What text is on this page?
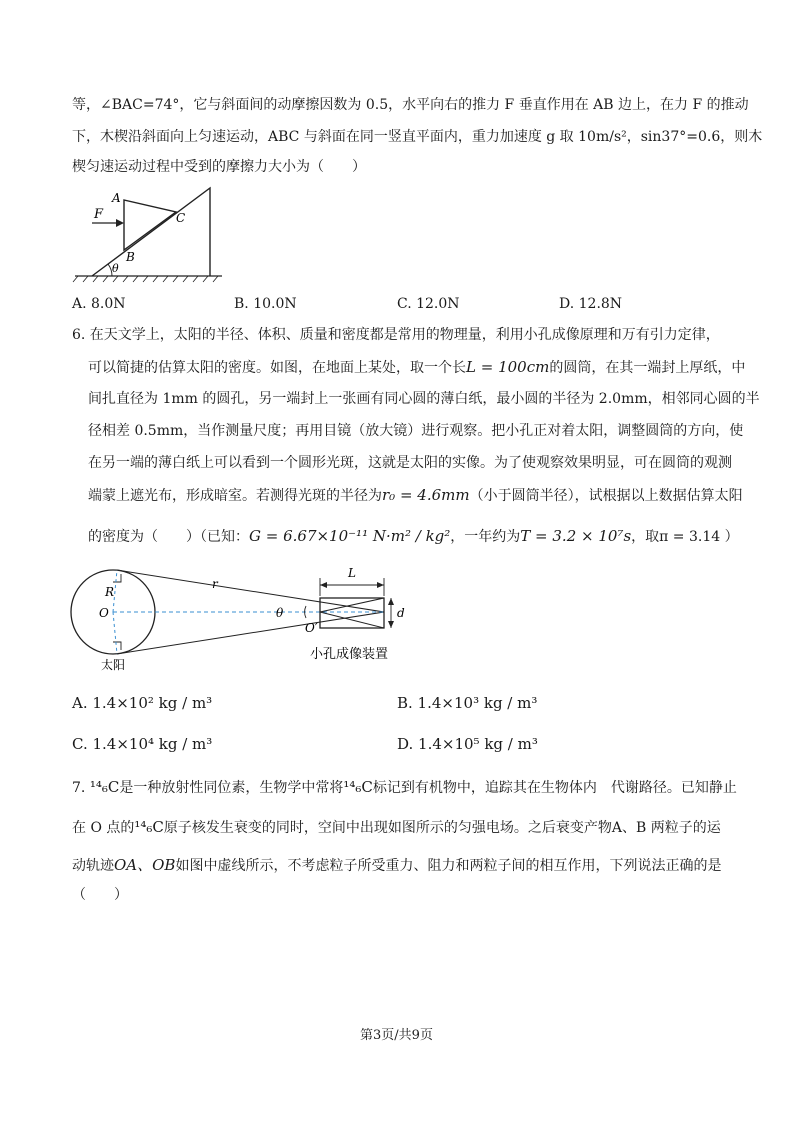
等，∠BAC=74°，它与斜面间的动摩擦因数为 0.5，水平向右的推力 F 垂直作用在 AB 边上，在力 F 的推动
下，木楔沿斜面向上匀速运动，ABC 与斜面在同一竖直平面内，重力加速度 g 取 10m/s²，sin37°=0.6，则木
楔匀速运动过程中受到的摩擦力大小为（　　）
F
A
B
C
θ
A. 8.0N	B. 10.0N	C. 12.0N	D. 12.8N
6. 在天文学上，太阳的半径、体积、质量和密度都是常用的物理量，利用小孔成像原理和万有引力定律，
可以简捷的估算太阳的密度。如图，在地面上某处，取一个长L = 100cm的圆筒，在其一端封上厚纸，中
间扎直径为 1mm 的圆孔，另一端封上一张画有同心圆的薄白纸，最小圆的半径为 2.0mm，相邻同心圆的半
径相差 0.5mm，当作测量尺度；再用目镜（放大镜）进行观察。把小孔正对着太阳，调整圆筒的方向，使
在另一端的薄白纸上可以看到一个圆形光斑，这就是太阳的实像。为了使观察效果明显，可在圆筒的观测
端蒙上遮光布，形成暗室。若测得光斑的半径为r₀ = 4.6mm（小于圆筒半径），试根据以上数据估算太阳
的密度为（　　）（已知：G = 6.67×10⁻¹¹ N·m² / kg²，一年约为T = 3.2 × 10⁷s，取π = 3.14 ）
R
O
r
θ
L
d
O′
太阳
小孔成像装置
A. 1.4×10² kg / m³	B. 1.4×10³ kg / m³
C. 1.4×10⁴ kg / m³	D. 1.4×10⁵ kg / m³
7. ¹⁴₆C是一种放射性同位素，生物学中常将¹⁴₆C标记到有机物中，追踪其在生物体内　代谢路径。已知静止
在 O 点的¹⁴₆C原子核发生衰变的同时，空间中出现如图所示的匀强电场。之后衰变产物A、B 两粒子的运
动轨迹OA、OB如图中虚线所示，不考虑粒子所受重力、阻力和两粒子间的相互作用，下列说法正确的是
（　　）
第3页/共9页
